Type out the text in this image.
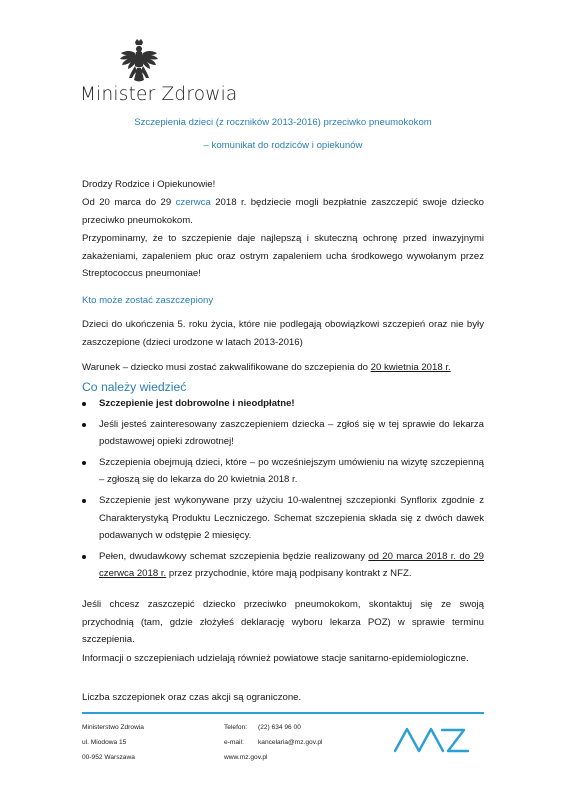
Minister Zdrowia
Szczepienia dzieci (z roczników 2013-2016) przeciwko pneumokokom
– komunikat do rodziców i opiekunów
Drodzy Rodzice i Opiekunowie!
Od 20 marca do 29 czerwca 2018 r. będziecie mogli bezpłatnie zaszczepić swoje dziecko przeciwko pneumokokom.
Przypominamy, że to szczepienie daje najlepszą i skuteczną ochronę przed inwazyjnymi zakażeniami, zapaleniem płuc oraz ostrym zapaleniem ucha środkowego wywołanym przez Streptococcus pneumoniae!
Kto może zostać zaszczepiony
Dzieci do ukończenia 5. roku życia, które nie podlegają obowiązkowi szczepień oraz nie były zaszczepione (dzieci urodzone w latach 2013-2016)
Warunek – dziecko musi zostać zakwalifikowane do szczepienia do 20 kwietnia 2018 r.
Co należy wiedzieć
Szczepienie jest dobrowolne i nieodpłatne!
Jeśli jesteś zainteresowany zaszczepieniem dziecka – zgłoś się w tej sprawie do lekarza podstawowej opieki zdrowotnej!
Szczepienia obejmują dzieci, które – po wcześniejszym umówieniu na wizytę szczepienną – zgłoszą się do lekarza do 20 kwietnia 2018 r.
Szczepienie jest wykonywane przy użyciu 10-walentnej szczepionki Synflorix zgodnie z Charakterystyką Produktu Leczniczego. Schemat szczepienia składa się z dwóch dawek podawanych w odstępie 2 miesięcy.
Pełen, dwudawkowy schemat szczepienia będzie realizowany od 20 marca 2018 r. do 29 czerwca 2018 r. przez przychodnie, które mają podpisany kontrakt z NFZ.
Jeśli chcesz zaszczepić dziecko przeciwko pneumokokom, skontaktuj się ze swoją przychodnią (tam, gdzie złożyłeś deklarację wyboru lekarza POZ) w sprawie terminu szczepienia.
Informacji o szczepieniach udzielają również powiatowe stacje sanitarno-epidemiologiczne.
Liczba szczepionek oraz czas akcji są ograniczone.
Ministerstwo Zdrowia
ul. Miodowa 15
00-952 Warszawa
Telefon:
e-mail:
www.mz.gov.pl
(22) 634 96 00
kancelaria@mz.gov.pl
